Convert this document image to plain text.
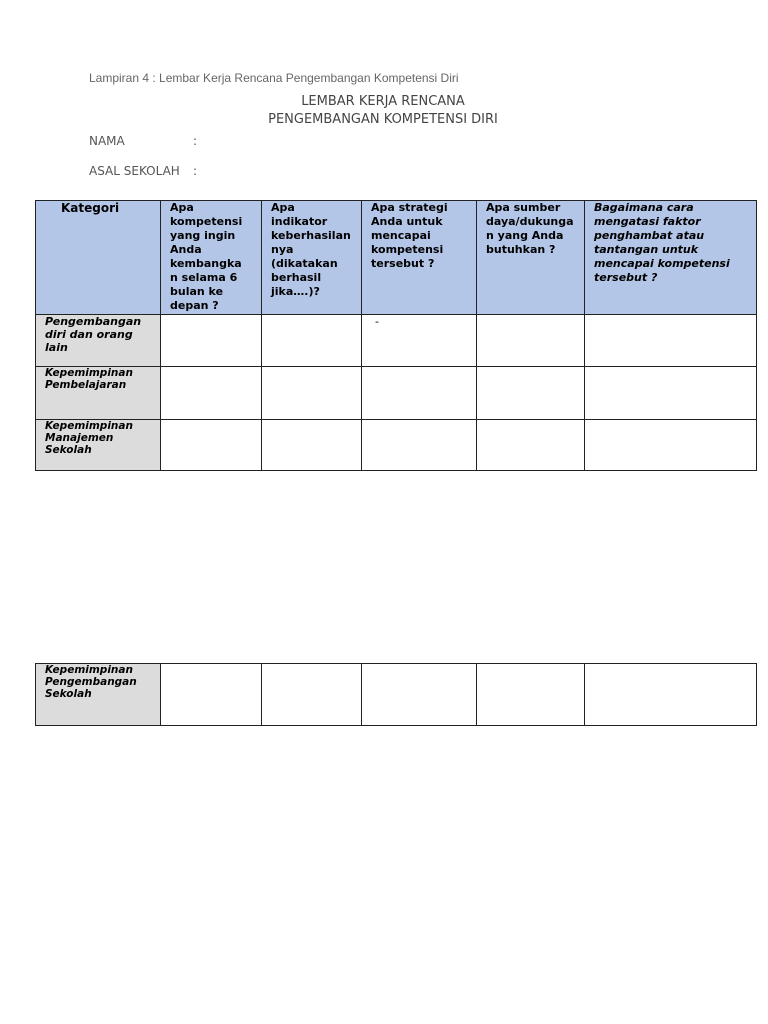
Lampiran 4 : Lembar Kerja Rencana Pengembangan Kompetensi Diri
LEMBAR KERJA RENCANA
PENGEMBANGAN KOMPETENSI DIRI
NAMA	:
ASAL SEKOLAH :
Kategori	Apa kompetensi yang ingin Anda kembangka n selama 6 bulan ke depan ?	Apa indikator keberhasilan nya (dikatakan berhasil jika….)?	Apa strategi Anda untuk mencapai kompetensi tersebut ?	Apa sumber daya/dukunga n yang Anda butuhkan ?	Bagaimana cara mengatasi faktor penghambat atau tantangan untuk mencapai kompetensi tersebut ?

Pengembangan diri dan orang lain			-		

Kepemimpinan Pembelajaran					

Kepemimpinan Manajemen Sekolah					

Kepemimpinan Pengembangan Sekolah
